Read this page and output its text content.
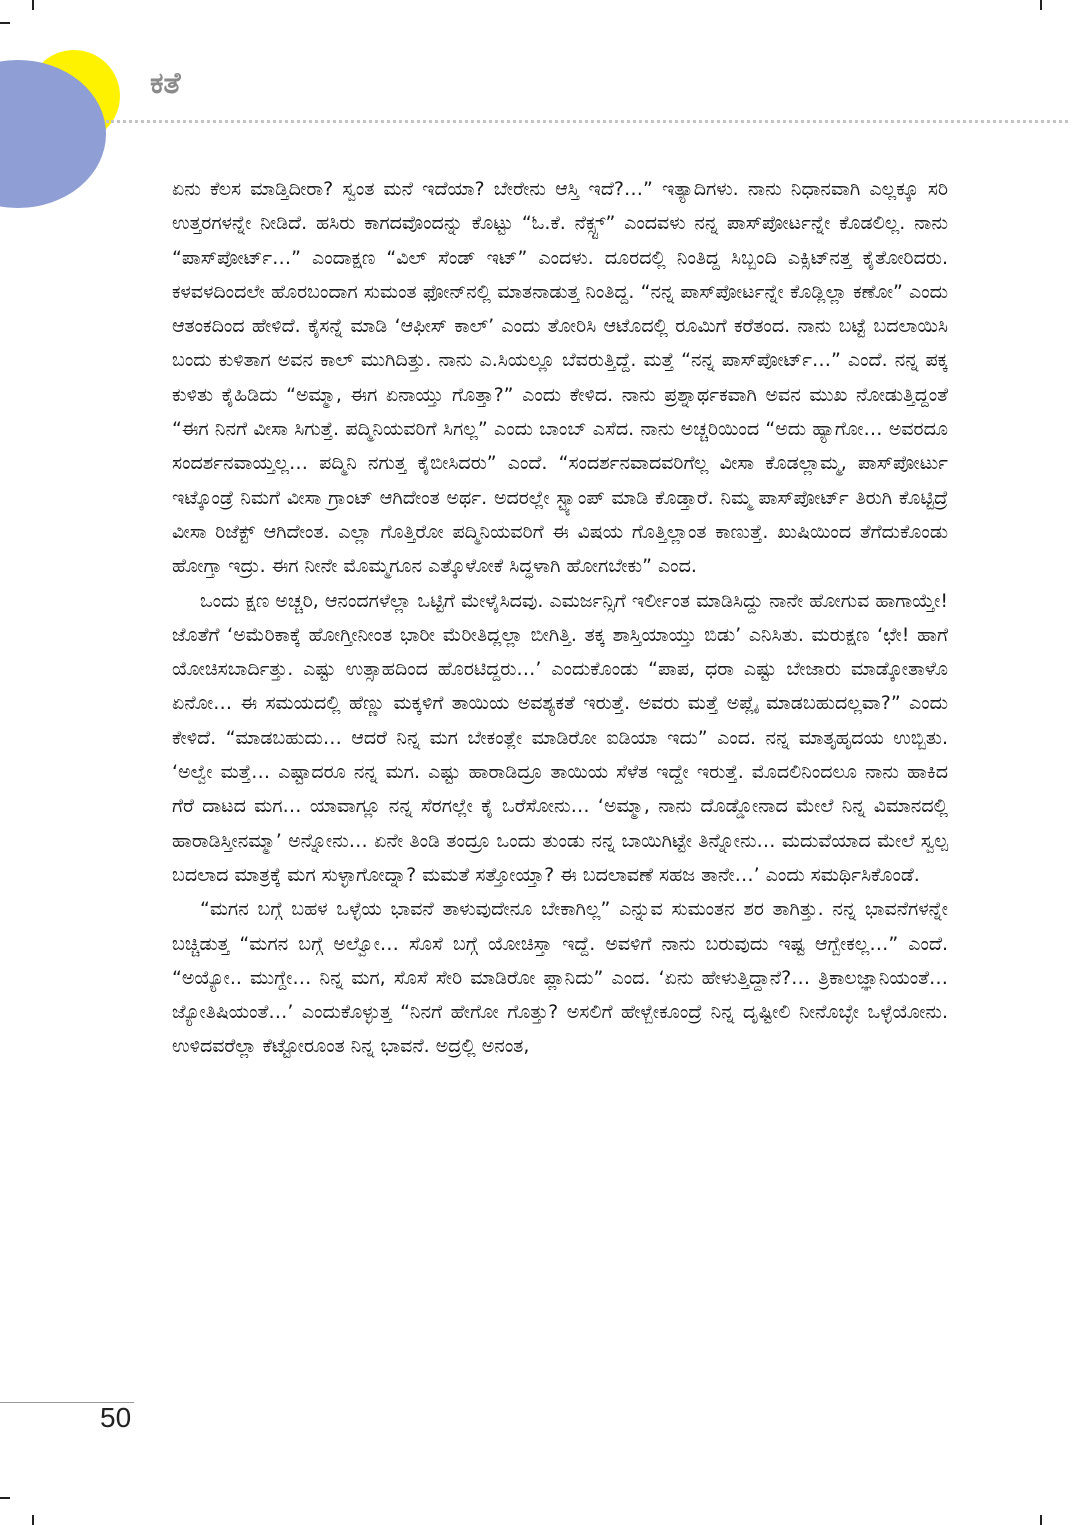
ಕತೆ

ಏನು ಕೆಲಸ ಮಾಡ್ತಿದೀರಾ? ಸ್ವಂತ ಮನೆ ಇದೆಯಾ? ಬೇರೇನು ಆಸ್ತಿ ಇದೆ?…” ಇತ್ಯಾದಿಗಳು. ನಾನು ನಿಧಾನವಾಗಿ ಎಲ್ಲಕ್ಕೂ ಸರಿ ಉತ್ತರಗಳನ್ನೇ ನೀಡಿದೆ. ಹಸಿರು ಕಾಗದವೊಂದನ್ನು ಕೊಟ್ಟು “ಓ.ಕೆ. ನೆಕ್ಸ್ಟ್” ಎಂದವಳು ನನ್ನ ಪಾಸ್‌ಪೋರ್ಟನ್ನೇ ಕೊಡಲಿಲ್ಲ. ನಾನು “ಪಾಸ್‌ಪೋರ್ಟ್…” ಎಂದಾಕ್ಷಣ “ವಿಲ್ ಸೆಂಡ್ ಇಟ್” ಎಂದಳು. ದೂರದಲ್ಲಿ ನಿಂತಿದ್ದ ಸಿಬ್ಬಂದಿ ಎಕ್ಸಿಟ್‌ನತ್ತ ಕೈತೋರಿದರು. ಕಳವಳದಿಂದಲೇ ಹೊರಬಂದಾಗ ಸುಮಂತ ಫೋನ್‌ನಲ್ಲಿ ಮಾತನಾಡುತ್ತ ನಿಂತಿದ್ದ. “ನನ್ನ ಪಾಸ್‌ಪೋರ್ಟನ್ನೇ ಕೊಡ್ಲಿಲ್ಲಾ ಕಣೋ” ಎಂದು ಆತಂಕದಿಂದ ಹೇಳಿದೆ. ಕೈಸನ್ನೆ ಮಾಡಿ ‘ಆಫೀಸ್ ಕಾಲ್’ ಎಂದು ತೋರಿಸಿ ಆಟೊದಲ್ಲಿ ರೂಮಿಗೆ ಕರೆತಂದ. ನಾನು ಬಟ್ಟೆ ಬದಲಾಯಿಸಿ ಬಂದು ಕುಳಿತಾಗ ಅವನ ಕಾಲ್ ಮುಗಿದಿತ್ತು. ನಾನು ಎ.ಸಿಯಲ್ಲೂ ಬೆವರುತ್ತಿದ್ದೆ. ಮತ್ತೆ “ನನ್ನ ಪಾಸ್‌ಪೋರ್ಟ್…” ಎಂದೆ. ನನ್ನ ಪಕ್ಕ ಕುಳಿತು ಕೈಹಿಡಿದು “ಅಮ್ಮಾ, ಈಗ ಏನಾಯ್ತು ಗೊತ್ತಾ?” ಎಂದು ಕೇಳಿದ. ನಾನು ಪ್ರಶ್ನಾರ್ಥಕವಾಗಿ ಅವನ ಮುಖ ನೋಡುತ್ತಿದ್ದಂತೆ “ಈಗ ನಿನಗೆ ವೀಸಾ ಸಿಗುತ್ತೆ. ಪದ್ಮಿನಿಯವರಿಗೆ ಸಿಗಲ್ಲ” ಎಂದು ಬಾಂಬ್ ಎಸೆದ. ನಾನು ಅಚ್ಚರಿಯಿಂದ “ಅದು ಹ್ಯಾಗೋ… ಅವರದೂ ಸಂದರ್ಶನವಾಯ್ತಲ್ಲ… ಪದ್ಮಿನಿ ನಗುತ್ತ ಕೈಬೀಸಿದರು” ಎಂದೆ. “ಸಂದರ್ಶನವಾದವರಿಗೆಲ್ಲ ವೀಸಾ ಕೊಡಲ್ಲಾಮ್ಮ, ಪಾಸ್‌ಪೋರ್ಟು ಇಟ್ಕೊಂಡ್ರೆ ನಿಮಗೆ ವೀಸಾ ಗ್ರಾಂಟ್ ಆಗಿದೇಂತ ಅರ್ಥ. ಅದರಲ್ಲೇ ಸ್ಟ್ಯಾಂಪ್ ಮಾಡಿ ಕೊಡ್ತಾರೆ. ನಿಮ್ಮ ಪಾಸ್‌ಪೋರ್ಟ್ ತಿರುಗಿ ಕೊಟ್ಟಿದ್ರೆ ವೀಸಾ ರಿಜೆಕ್ಟ್ ಆಗಿದೇಂತ. ಎಲ್ಲಾ ಗೊತ್ತಿರೋ ಪದ್ಮಿನಿಯವರಿಗೆ ಈ ವಿಷಯ ಗೊತ್ತಿಲ್ಲಾಂತ ಕಾಣುತ್ತೆ. ಖುಷಿಯಿಂದ ತೆಗೆದುಕೊಂಡು ಹೋಗ್ತಾ ಇದ್ರು. ಈಗ ನೀನೇ ಮೊಮ್ಮಗೂನ ಎತ್ಕೊಳೋಕೆ ಸಿದ್ಧಳಾಗಿ ಹೋಗಬೇಕು” ಎಂದ.

ಒಂದು ಕ್ಷಣ ಅಚ್ಚರಿ, ಆನಂದಗಳೆಲ್ಲಾ ಒಟ್ಟಿಗೆ ಮೇಳೈಸಿದವು. ಎಮರ್ಜನ್ಸಿಗೆ ಇರ್ಲೀಂತ ಮಾಡಿಸಿದ್ದು ನಾನೇ ಹೋಗುವ ಹಾಗಾಯ್ತೇ! ಜೊತೆಗೆ ‘ಅಮೆರಿಕಾಕ್ಕೆ ಹೋಗ್ತೀನೀಂತ ಭಾರೀ ಮೆರೀತಿದ್ಲಲ್ಲಾ ಬೀಗಿತ್ತಿ. ತಕ್ಕ ಶಾಸ್ತಿಯಾಯ್ತು ಬಿಡು’ ಎನಿಸಿತು. ಮರುಕ್ಷಣ ‘ಛೇ! ಹಾಗೆ ಯೋಚಿಸಬಾರ್ದಿತ್ತು. ಎಷ್ಟು ಉತ್ಸಾಹದಿಂದ ಹೊರಟಿದ್ದರು…’ ಎಂದುಕೊಂಡು “ಪಾಪ, ಧರಾ ಎಷ್ಟು ಬೇಜಾರು ಮಾಡ್ಕೋತಾಳೊ ಏನೋ… ಈ ಸಮಯದಲ್ಲಿ ಹೆಣ್ಣು ಮಕ್ಕಳಿಗೆ ತಾಯಿಯ ಅವಶ್ಯಕತೆ ಇರುತ್ತೆ. ಅವರು ಮತ್ತೆ ಅಪ್ಲೈ ಮಾಡಬಹುದಲ್ಲವಾ?” ಎಂದು ಕೇಳಿದೆ. “ಮಾಡಬಹುದು… ಆದರೆ ನಿನ್ನ ಮಗ ಬೇಕಂತ್ಲೇ ಮಾಡಿರೋ ಐಡಿಯಾ ಇದು” ಎಂದ. ನನ್ನ ಮಾತೃಹೃದಯ ಉಬ್ಬಿತು. ‘ಅಲ್ವೇ ಮತ್ತೆ… ಎಷ್ಟಾದರೂ ನನ್ನ ಮಗ. ಎಷ್ಟು ಹಾರಾಡಿದ್ರೂ ತಾಯಿಯ ಸೆಳೆತ ಇದ್ದೇ ಇರುತ್ತೆ. ಮೊದಲಿನಿಂದಲೂ ನಾನು ಹಾಕಿದ ಗೆರೆ ದಾಟದ ಮಗ… ಯಾವಾಗ್ಲೂ ನನ್ನ ಸೆರಗಲ್ಲೇ ಕೈ ಒರೆಸೋನು… ‘ಅಮ್ಮಾ, ನಾನು ದೊಡ್ಡೋನಾದ ಮೇಲೆ ನಿನ್ನ ವಿಮಾನದಲ್ಲಿ ಹಾರಾಡಿಸ್ತೀನಮ್ಮಾ’ ಅನ್ನೋನು… ಏನೇ ತಿಂಡಿ ತಂದ್ರೂ ಒಂದು ತುಂಡು ನನ್ನ ಬಾಯಿಗಿಟ್ಟೇ ತಿನ್ನೋನು… ಮದುವೆಯಾದ ಮೇಲೆ ಸ್ವಲ್ಪ ಬದಲಾದ ಮಾತ್ರಕ್ಕೆ ಮಗ ಸುಳ್ಳಾಗೋದ್ನಾ? ಮಮತೆ ಸತ್ತೋಯ್ತಾ? ಈ ಬದಲಾವಣೆ ಸಹಜ ತಾನೇ…’ ಎಂದು ಸಮರ್ಥಿಸಿಕೊಂಡೆ.

“ಮಗನ ಬಗ್ಗೆ ಬಹಳ ಒಳ್ಳೆಯ ಭಾವನೆ ತಾಳುವುದೇನೂ ಬೇಕಾಗಿಲ್ಲ” ಎನ್ನುವ ಸುಮಂತನ ಶರ ತಾಗಿತ್ತು. ನನ್ನ ಭಾವನೆಗಳನ್ನೇ ಬಚ್ಚಿಡುತ್ತ “ಮಗನ ಬಗ್ಗೆ ಅಲ್ವೋ… ಸೊಸೆ ಬಗ್ಗೆ ಯೋಚಿಸ್ತಾ ಇದ್ದೆ. ಅವಳಿಗೆ ನಾನು ಬರುವುದು ಇಷ್ಟ ಆಗ್ಬೇಕಲ್ಲ…” ಎಂದೆ. “ಅಯ್ಯೋ.. ಮುಗ್ದೇ… ನಿನ್ನ ಮಗ, ಸೊಸೆ ಸೇರಿ ಮಾಡಿರೋ ಪ್ಲಾನಿದು” ಎಂದ. ‘ಏನು ಹೇಳುತ್ತಿದ್ದಾನೆ?… ತ್ರಿಕಾಲಜ್ಞಾನಿಯಂತೆ… ಜ್ಯೋತಿಷಿಯಂತೆ…’ ಎಂದುಕೊಳ್ಳುತ್ತ “ನಿನಗೆ ಹೇಗೋ ಗೊತ್ತು? ಅಸಲಿಗೆ ಹೇಳ್ಬೇಕೂಂದ್ರೆ ನಿನ್ನ ದೃಷ್ಟೀಲಿ ನೀನೊಬ್ಳೇ ಒಳ್ಳೆಯೋನು. ಉಳಿದವರೆಲ್ಲಾ ಕೆಟ್ಟೋರೂಂತ ನಿನ್ನ ಭಾವನೆ. ಅದ್ರಲ್ಲಿ ಅನಂತ,

50
